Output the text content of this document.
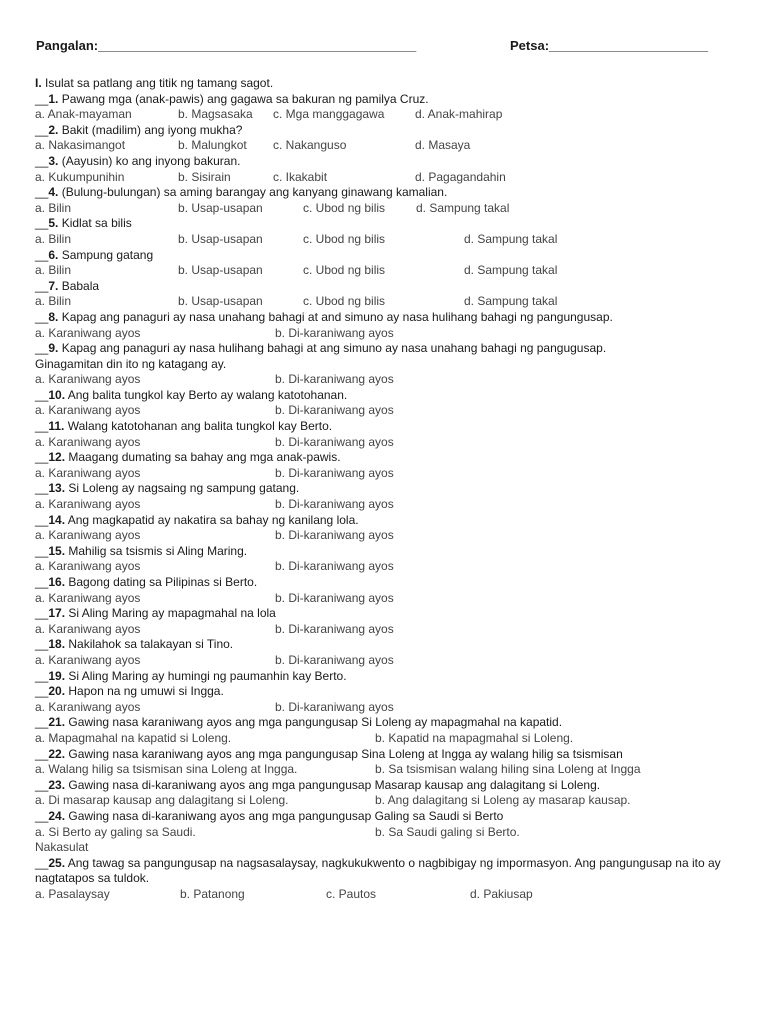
Pangalan:____________________________________________	Petsa:______________________
I. Isulat sa patlang ang titik ng tamang sagot.
__1. Pawang mga (anak-pawis) ang gagawa sa bakuran ng pamilya Cruz.
a. Anak-mayaman	b. Magsasaka c. Mga manggagawa	d. Anak-mahirap
__2. Bakit (madilim) ang iyong mukha?
a. Nakasimangot	b. Malungkot c. Nakanguso	d. Masaya
__3. (Aayusin) ko ang inyong bakuran.
a. Kukumpunihin	b. Sisirain	c. Ikakabit	d. Pagagandahin
__4. (Bulung-bulungan) sa aming barangay ang kanyang ginawang kamalian.
a. Bilin	b. Usap-usapan	c. Ubod ng bilis	d. Sampung takal
__5. Kidlat sa bilis
a. Bilin	b. Usap-usapan	c. Ubod ng bilis	d. Sampung takal
__6. Sampung gatang
a. Bilin	b. Usap-usapan	c. Ubod ng bilis	d. Sampung takal
__7. Babala
a. Bilin	b. Usap-usapan	c. Ubod ng bilis	d. Sampung takal
__8. Kapag ang panaguri ay nasa unahang bahagi at and simuno ay nasa hulihang bahagi ng pangungusap.
a. Karaniwang ayos	b. Di-karaniwang ayos
__9. Kapag ang panaguri ay nasa hulihang bahagi at ang simuno ay nasa unahang bahagi ng pangugusap.
Ginagamitan din ito ng katagang ay.
a. Karaniwang ayos	b. Di-karaniwang ayos
__10. Ang balita tungkol kay Berto ay walang katotohanan.
a. Karaniwang ayos	b. Di-karaniwang ayos
__11. Walang katotohanan ang balita tungkol kay Berto.
a. Karaniwang ayos	b. Di-karaniwang ayos
__12. Maagang dumating sa bahay ang mga anak-pawis.
a. Karaniwang ayos	b. Di-karaniwang ayos
__13. Si Loleng ay nagsaing ng sampung gatang.
a. Karaniwang ayos	b. Di-karaniwang ayos
__14. Ang magkapatid ay nakatira sa bahay ng kanilang lola.
a. Karaniwang ayos	b. Di-karaniwang ayos
__15. Mahilig sa tsismis si Aling Maring.
a. Karaniwang ayos	b. Di-karaniwang ayos
__16. Bagong dating sa Pilipinas si Berto.
a. Karaniwang ayos	b. Di-karaniwang ayos
__17. Si Aling Maring ay mapagmahal na lola
a. Karaniwang ayos	b. Di-karaniwang ayos
__18. Nakilahok sa talakayan si Tino.
a. Karaniwang ayos	b. Di-karaniwang ayos
__19. Si Aling Maring ay humingi ng paumanhin kay Berto.
__20. Hapon na ng umuwi si Ingga.
a. Karaniwang ayos	b. Di-karaniwang ayos
__21. Gawing nasa karaniwang ayos ang mga pangungusap Si Loleng ay mapagmahal na kapatid.
a. Mapagmahal na kapatid si Loleng.	b. Kapatid na mapagmahal si Loleng.
__22. Gawing nasa karaniwang ayos ang mga pangungusap Sina Loleng at Ingga ay walang hilig sa tsismisan
a. Walang hilig sa tsismisan sina Loleng at Ingga.	b. Sa tsismisan walang hiling sina Loleng at Ingga
__23. Gawing nasa di-karaniwang ayos ang mga pangungusap Masarap kausap ang dalagitang si Loleng.
a. Di masarap kausap ang dalagitang si Loleng.	b. Ang dalagitang si Loleng ay masarap kausap.
__24. Gawing nasa di-karaniwang ayos ang mga pangungusap Galing sa Saudi si Berto
a. Si Berto ay galing sa Saudi.	b. Sa Saudi galing si Berto.
Nakasulat
__25. Ang tawag sa pangungusap na nagsasalaysay, nagkukukwento o nagbibigay ng impormasyon. Ang pangungusap na ito ay nagtatapos sa tuldok.
a. Pasalaysay	b. Patanong	c. Pautos	d. Pakiusap
